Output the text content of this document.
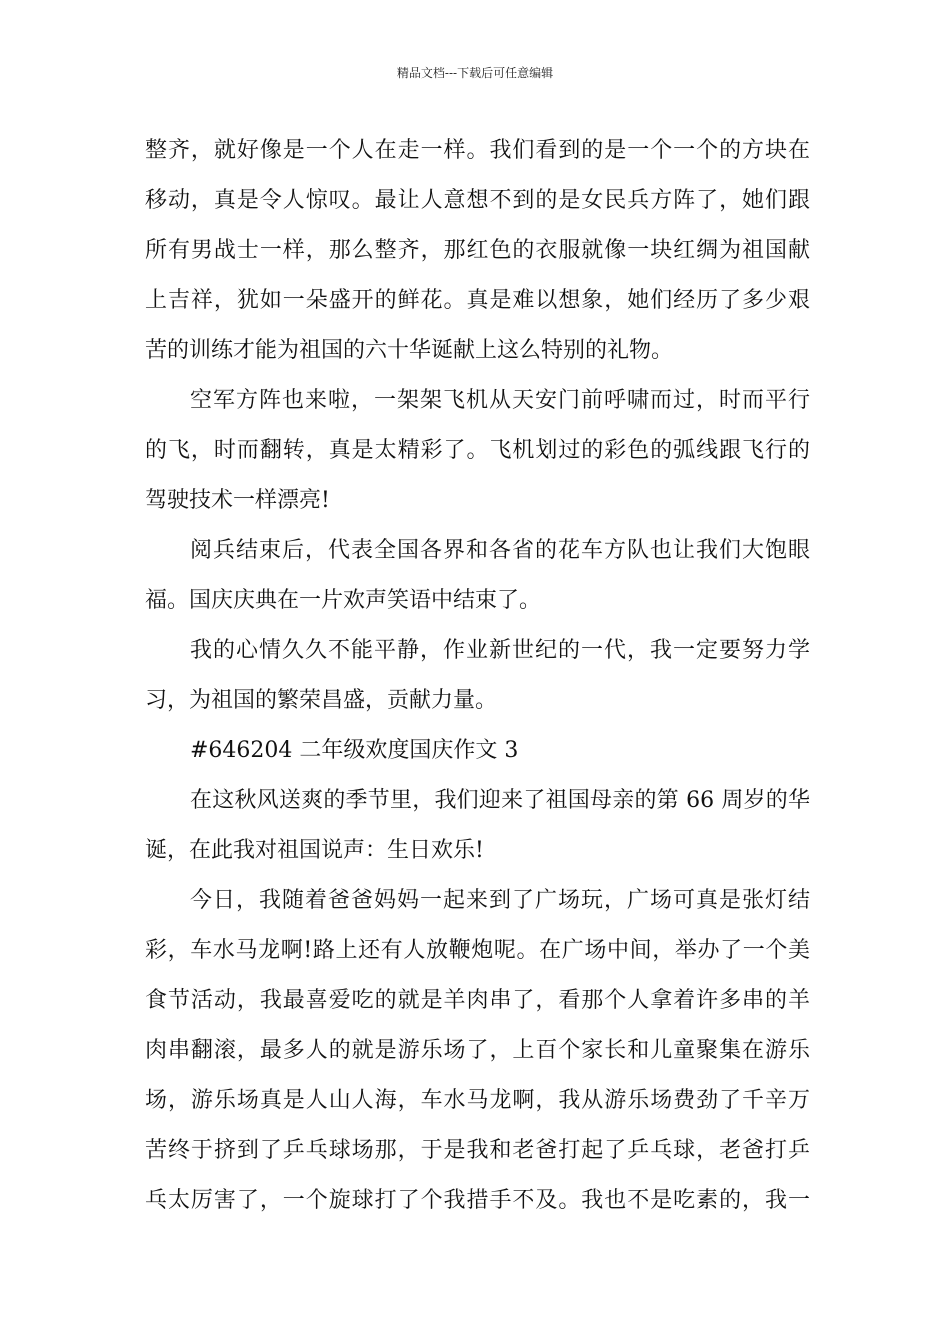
精品文档---下载后可任意编辑
整齐，就好像是一个人在走一样。我们看到的是一个一个的方块在
移动，真是令人惊叹。最让人意想不到的是女民兵方阵了，她们跟
所有男战士一样，那么整齐，那红色的衣服就像一块红绸为祖国献
上吉祥，犹如一朵盛开的鲜花。真是难以想象，她们经历了多少艰
苦的训练才能为祖国的六十华诞献上这么特别的礼物。
空军方阵也来啦，一架架飞机从天安门前呼啸而过，时而平行
的飞，时而翻转，真是太精彩了。飞机划过的彩色的弧线跟飞行的
驾驶技术一样漂亮!
阅兵结束后，代表全国各界和各省的花车方队也让我们大饱眼
福。国庆庆典在一片欢声笑语中结束了。
我的心情久久不能平静，作业新世纪的一代，我一定要努力学
习，为祖国的繁荣昌盛，贡献力量。
#646204 二年级欢度国庆作文 3
在这秋风送爽的季节里，我们迎来了祖国母亲的第 66 周岁的华
诞，在此我对祖国说声：生日欢乐!
今日，我随着爸爸妈妈一起来到了广场玩，广场可真是张灯结
彩，车水马龙啊!路上还有人放鞭炮呢。在广场中间，举办了一个美
食节活动，我最喜爱吃的就是羊肉串了，看那个人拿着许多串的羊
肉串翻滚，最多人的就是游乐场了，上百个家长和儿童聚集在游乐
场，游乐场真是人山人海，车水马龙啊，我从游乐场费劲了千辛万
苦终于挤到了乒乓球场那，于是我和老爸打起了乒乓球，老爸打乒
乓太厉害了，一个旋球打了个我措手不及。我也不是吃素的，我一
